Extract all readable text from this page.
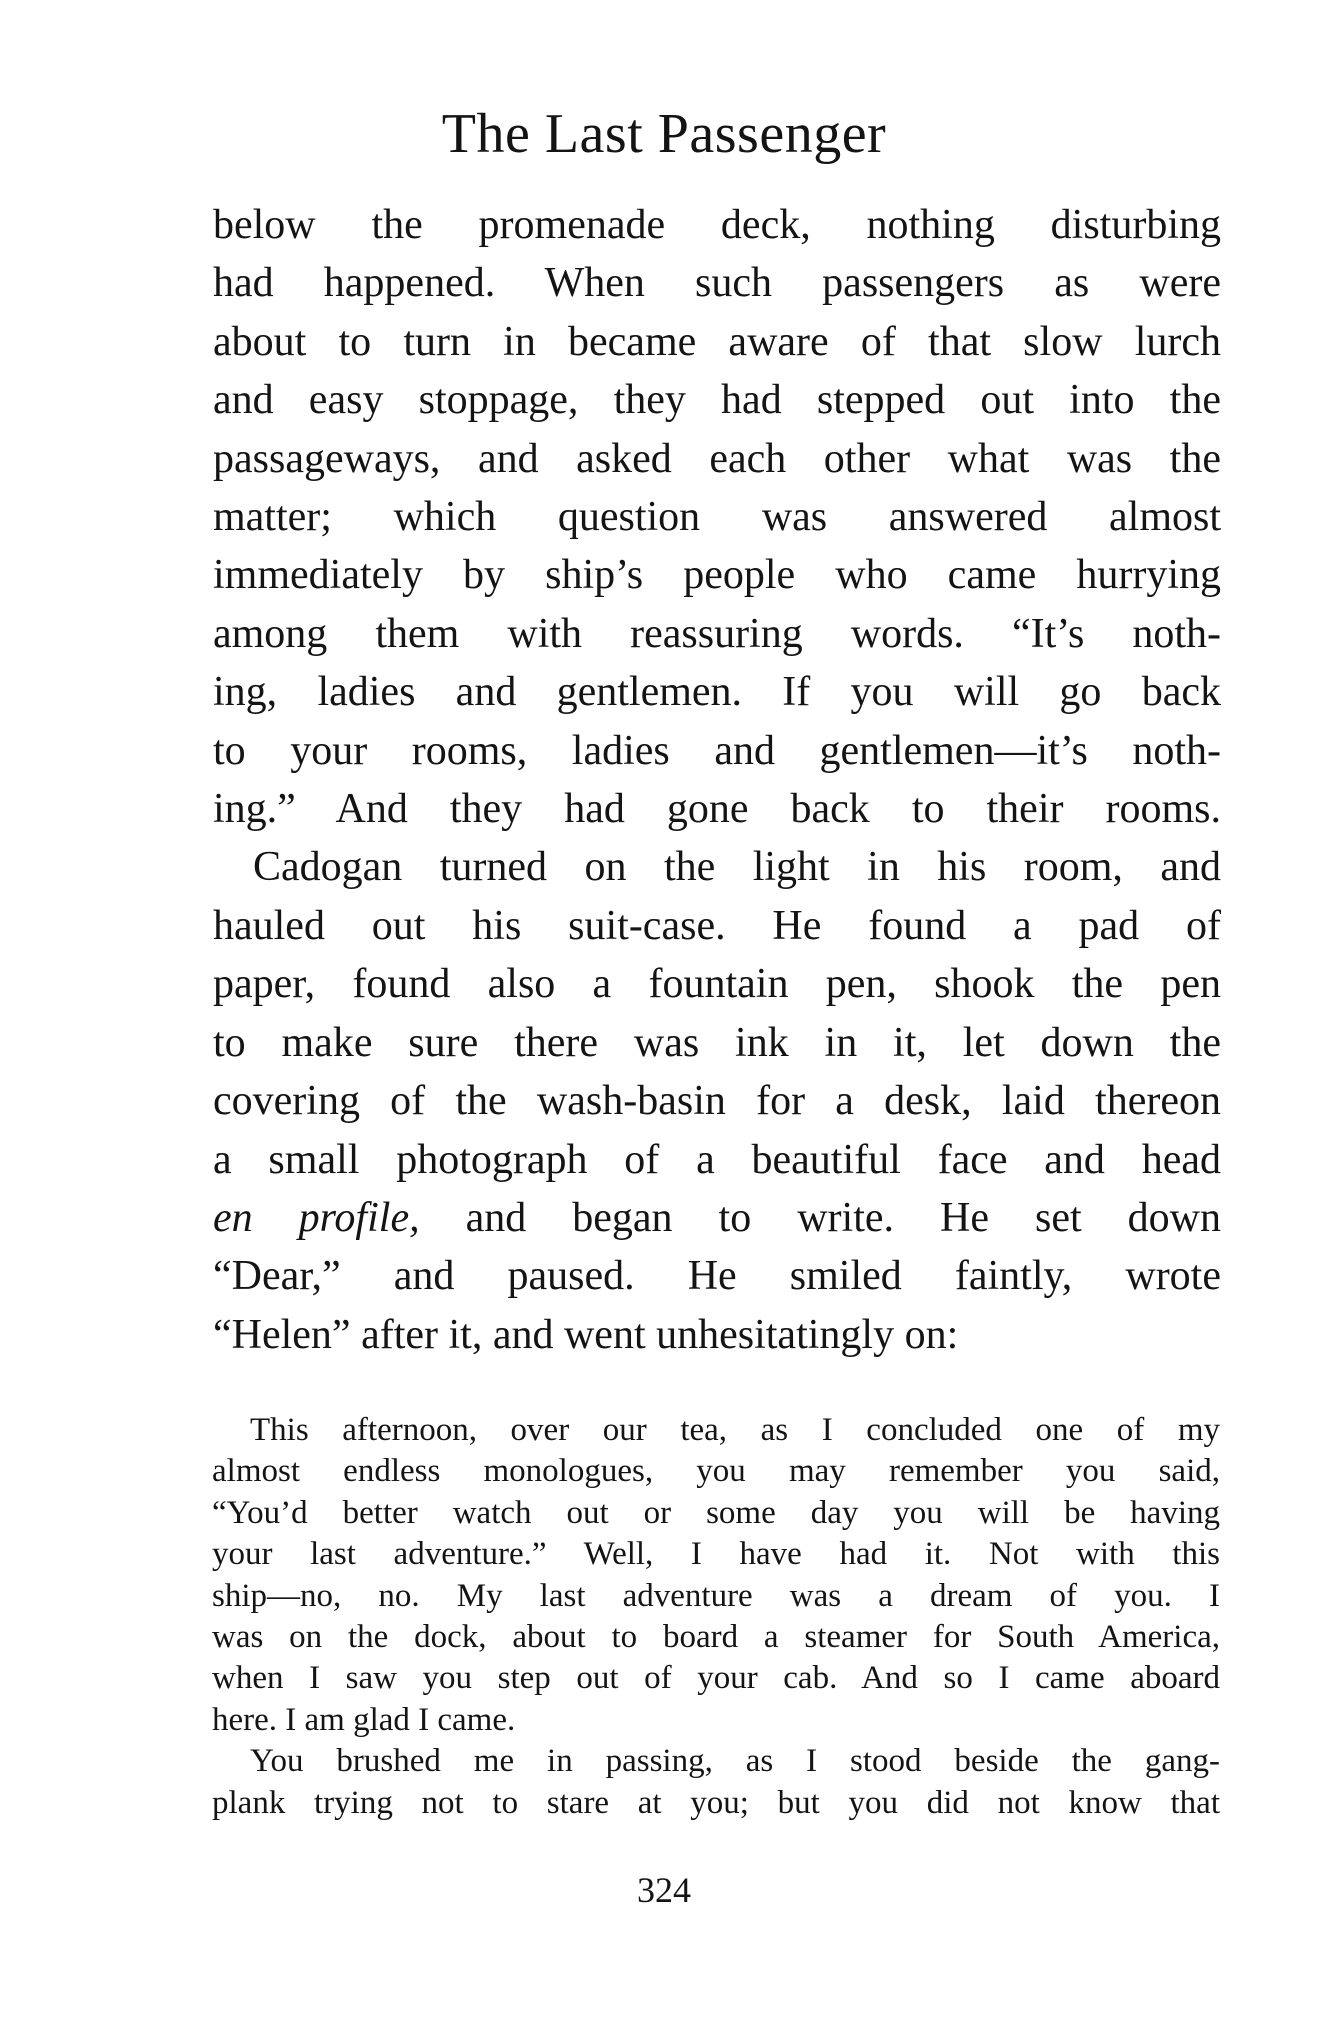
The Last Passenger

below the promenade deck, nothing disturbing

had happened. When such passengers as were

about to turn in became aware of that slow lurch

and easy stoppage, they had stepped out into the

passageways, and asked each other what was the

matter; which question was answered almost

immediately by ship’s people who came hurrying

among them with reassuring words. “It’s noth-

ing, ladies and gentlemen. If you will go back

to your rooms, ladies and gentlemen—it’s noth-

ing.” And they had gone back to their rooms.

Cadogan turned on the light in his room, and

hauled out his suit-case. He found a pad of

paper, found also a fountain pen, shook the pen

to make sure there was ink in it, let down the

covering of the wash-basin for a desk, laid thereon

a small photograph of a beautiful face and head

en profile, and began to write. He set down

“Dear,” and paused. He smiled faintly, wrote

“Helen” after it, and went unhesitatingly on:

This afternoon, over our tea, as I concluded one of my

almost endless monologues, you may remember you said,

“You’d better watch out or some day you will be having

your last adventure.” Well, I have had it. Not with this

ship—no, no. My last adventure was a dream of you. I

was on the dock, about to board a steamer for South America,

when I saw you step out of your cab. And so I came aboard

here. I am glad I came.

You brushed me in passing, as I stood beside the gang-

plank trying not to stare at you; but you did not know that

324
